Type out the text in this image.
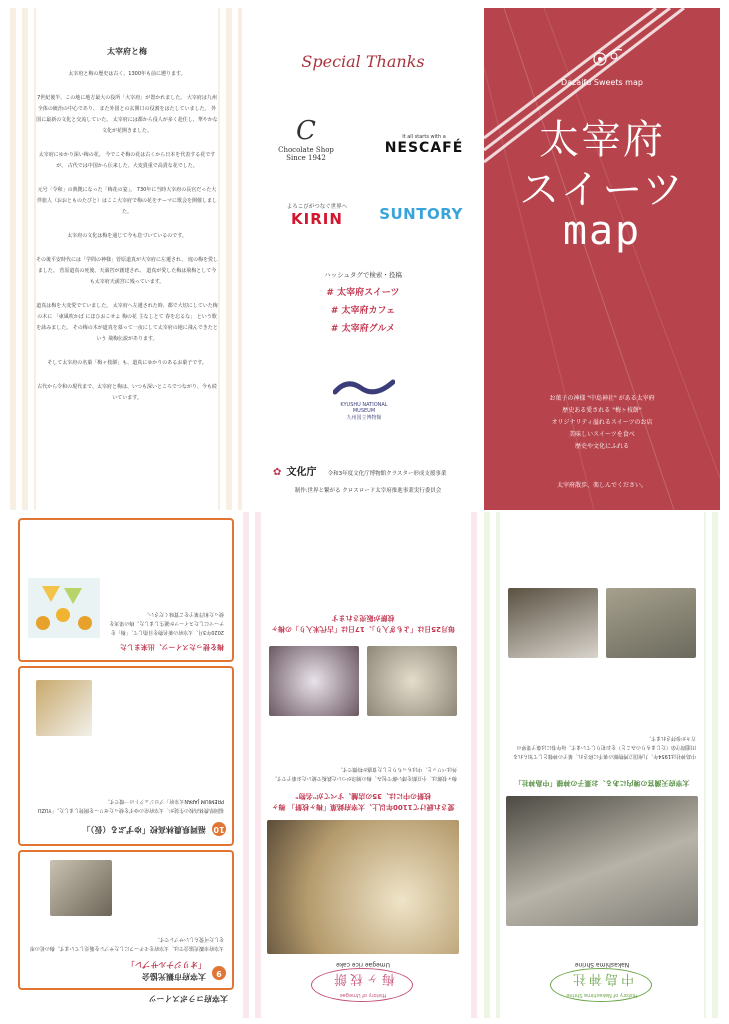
太宰府と梅

太宰府と梅の歴史は古く、1300年も前に遡ります。

7世紀後半、この地に地方最大の役所「大宰府」が置かれました。 大宰府は九州全体の統治の中心であり、 また外国との玄関口の役割をはたしていました。 外国に最新の文化と交流していた。 太宰府には都から役人が多く赴任し、華やかな文化が花開きました。

太宰府にゆかり深い梅の花。 今でこそ梅の花は古くから日本を代表する花ですが、 古代では中国から伝来した、大変貴重で高貴な花でした。

元号「令和」の典拠になった「梅花の宴」。 730年に当時大宰府の長官だった大伴旅人（おおとものたびと）はここ大宰府で梅の花をテーマに歌会を開催しました。

太宰府の文化は梅を通じて今も息づいているのです。

その後平安時代には「学問の神様」菅原道真が大宰府に左遷され、 庭の梅を愛しました。 菅原道真の死後、天満宮が創建され、 道真が愛した梅は飛梅として今も太宰府天満宮に残っています。

道真は梅を大変愛でていました。 太宰府へ左遷された時、都で大切にしていた梅の木に 「東風吹かば にほひおこせよ 梅の花 主なしとて 春を忘るな」 という歌を詠みました。 その梅の木が道真を慕って一夜にして太宰府の地に飛んできたという 飛梅伝説があります。

そして太宰府の名菓「梅ヶ枝餅」も、道真にゆかりのあるお菓子です。

古代から令和の現代まで、太宰府と梅は、いつも深いところでつながり、今も続いています。

Special Thanks
C
Chocolate Shop
Since 1942
It all starts with a
NESCAFÉ
よろこびがつなぐ世界へ
KIRIN	SUNTORY
ハッシュタグで検索・投稿
# 太宰府スイーツ
# 太宰府カフェ
# 太宰府グルメ
KYUSHU NATIONAL MUSEUM
九州国立博物館
✿ 文化庁 令和3年度文化庁博物館クラスター形成支援事業
制作:世界と繋がる クロスロード太宰府推進事業実行委員会
Dazaifu Sweets map
太宰府
スイーツ
map
お菓子の神様 "中島神社" がある太宰府
歴史ある愛される "梅ヶ枝餅"
オリジナリティ溢れるスイーツのお店
美味しいスイーツを食べ
歴史や文化にふれる
太宰府散歩、楽しんでください。
太宰府コラボスイーツ
9
太宰府市観光協会
「オリジナルサブレ」
太宰府市観光協会では、太宰府をモチーフにしたサブレを販売しています。梅の花の形をした可愛らしいサブレです。
10
福岡県農林高校「ゆずぷる（仮）」
福岡県農林高校の生徒が、太宰府産のゆずを使ったゼリーを開発しました。「YUZU PREMIUM JAPAN太宰府」プロジェクトの一環です。
梅を使ったスイーツ、出来ました
2020年3月、太宰府の新名物を目指して、「梅」をテーマにしたスイーツが誕生しました。梅の果実を使った和洋菓子をご賞味ください。
History of Umegae
梅ヶ枝餅
Umegae rice cake
愛され続けて1100年以上、太宰府銘菓「梅ヶ枝餅」 梅ヶ枝餅の中には、35の店舗、すべてが"名物"
梅ヶ枝餅は、小豆餡を薄い餅で包み、梅の刻印がついた鉄板で焼いたお菓子です。外はパリッと、中はもっちりとした食感が特徴です。
毎月25日は「よもぎ入り」、17日は「古代米入り」の梅ヶ枝餅が販売されます
History of Nakashima Shrine
中島神社
Nakashima Shrine
太宰府天満宮の境内にある、お菓子の神様「中島神社」
中島神社は1954年、九州国立博物館の裏手に移され、菓子の神様として知られる田道間守命（たじまもりのみこと）をお祀りしています。毎年春には菓子業界の方々が参拝されます。
